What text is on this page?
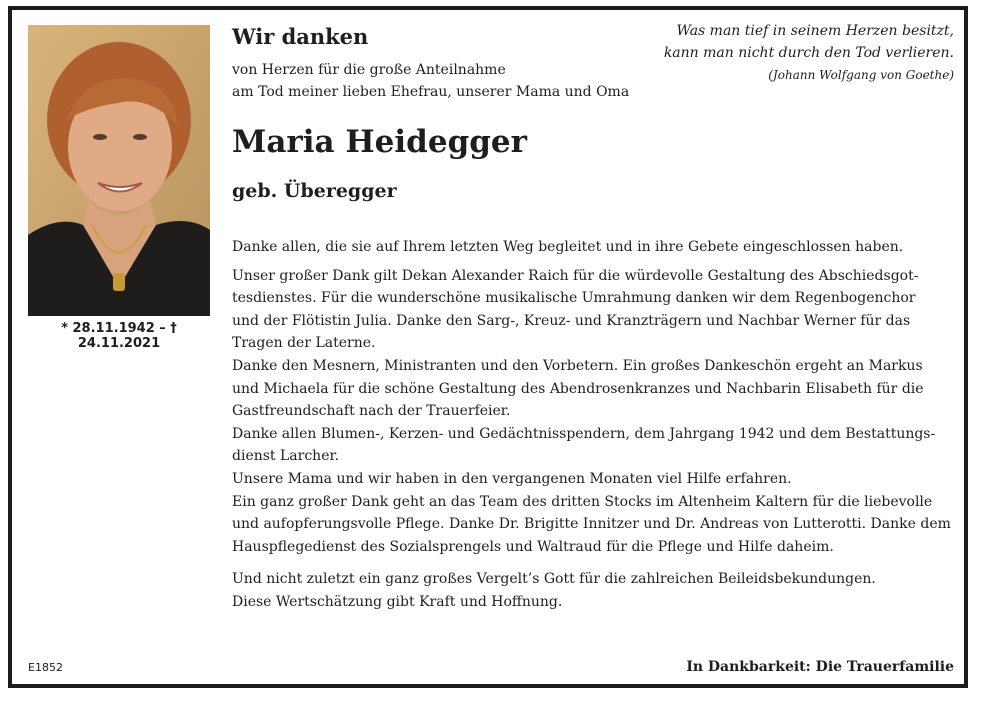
* 28.11.1942 – † 24.11.2021
Wir danken
von Herzen für die große Anteilnahme
am Tod meiner lieben Ehefrau, unserer Mama und Oma
Was man tief in seinem Herzen besitzt,
kann man nicht durch den Tod verlieren.
(Johann Wolfgang von Goethe)
Maria Heidegger
geb. Überegger

Danke allen, die sie auf Ihrem letzten Weg begleitet und in ihre Gebete eingeschlossen haben.

Unser großer Dank gilt Dekan Alexander Raich für die würdevolle Gestaltung des Abschiedsgot-

tesdienstes. Für die wunderschöne musikalische Umrahmung danken wir dem Regenbogenchor

und der Flötistin Julia. Danke den Sarg-, Kreuz- und Kranzträgern und Nachbar Werner für das

Tragen der Laterne.

Danke den Mesnern, Ministranten und den Vorbetern. Ein großes Dankeschön ergeht an Markus

und Michaela für die schöne Gestaltung des Abendrosenkranzes und Nachbarin Elisabeth für die

Gastfreundschaft nach der Trauerfeier.

Danke allen Blumen-, Kerzen- und Gedächtnisspendern, dem Jahrgang 1942 und dem Bestattungs-

dienst Larcher.

Unsere Mama und wir haben in den vergangenen Monaten viel Hilfe erfahren.

Ein ganz großer Dank geht an das Team des dritten Stocks im Altenheim Kaltern für die liebevolle

und aufopferungsvolle Pflege. Danke Dr. Brigitte Innitzer und Dr. Andreas von Lutterotti. Danke dem

Hauspflegedienst des Sozialsprengels und Waltraud für die Pflege und Hilfe daheim.

Und nicht zuletzt ein ganz großes Vergelt’s Gott für die zahlreichen Beileidsbekundungen.

Diese Wertschätzung gibt Kraft und Hoffnung.

E1852	In Dankbarkeit: Die Trauerfamilie
